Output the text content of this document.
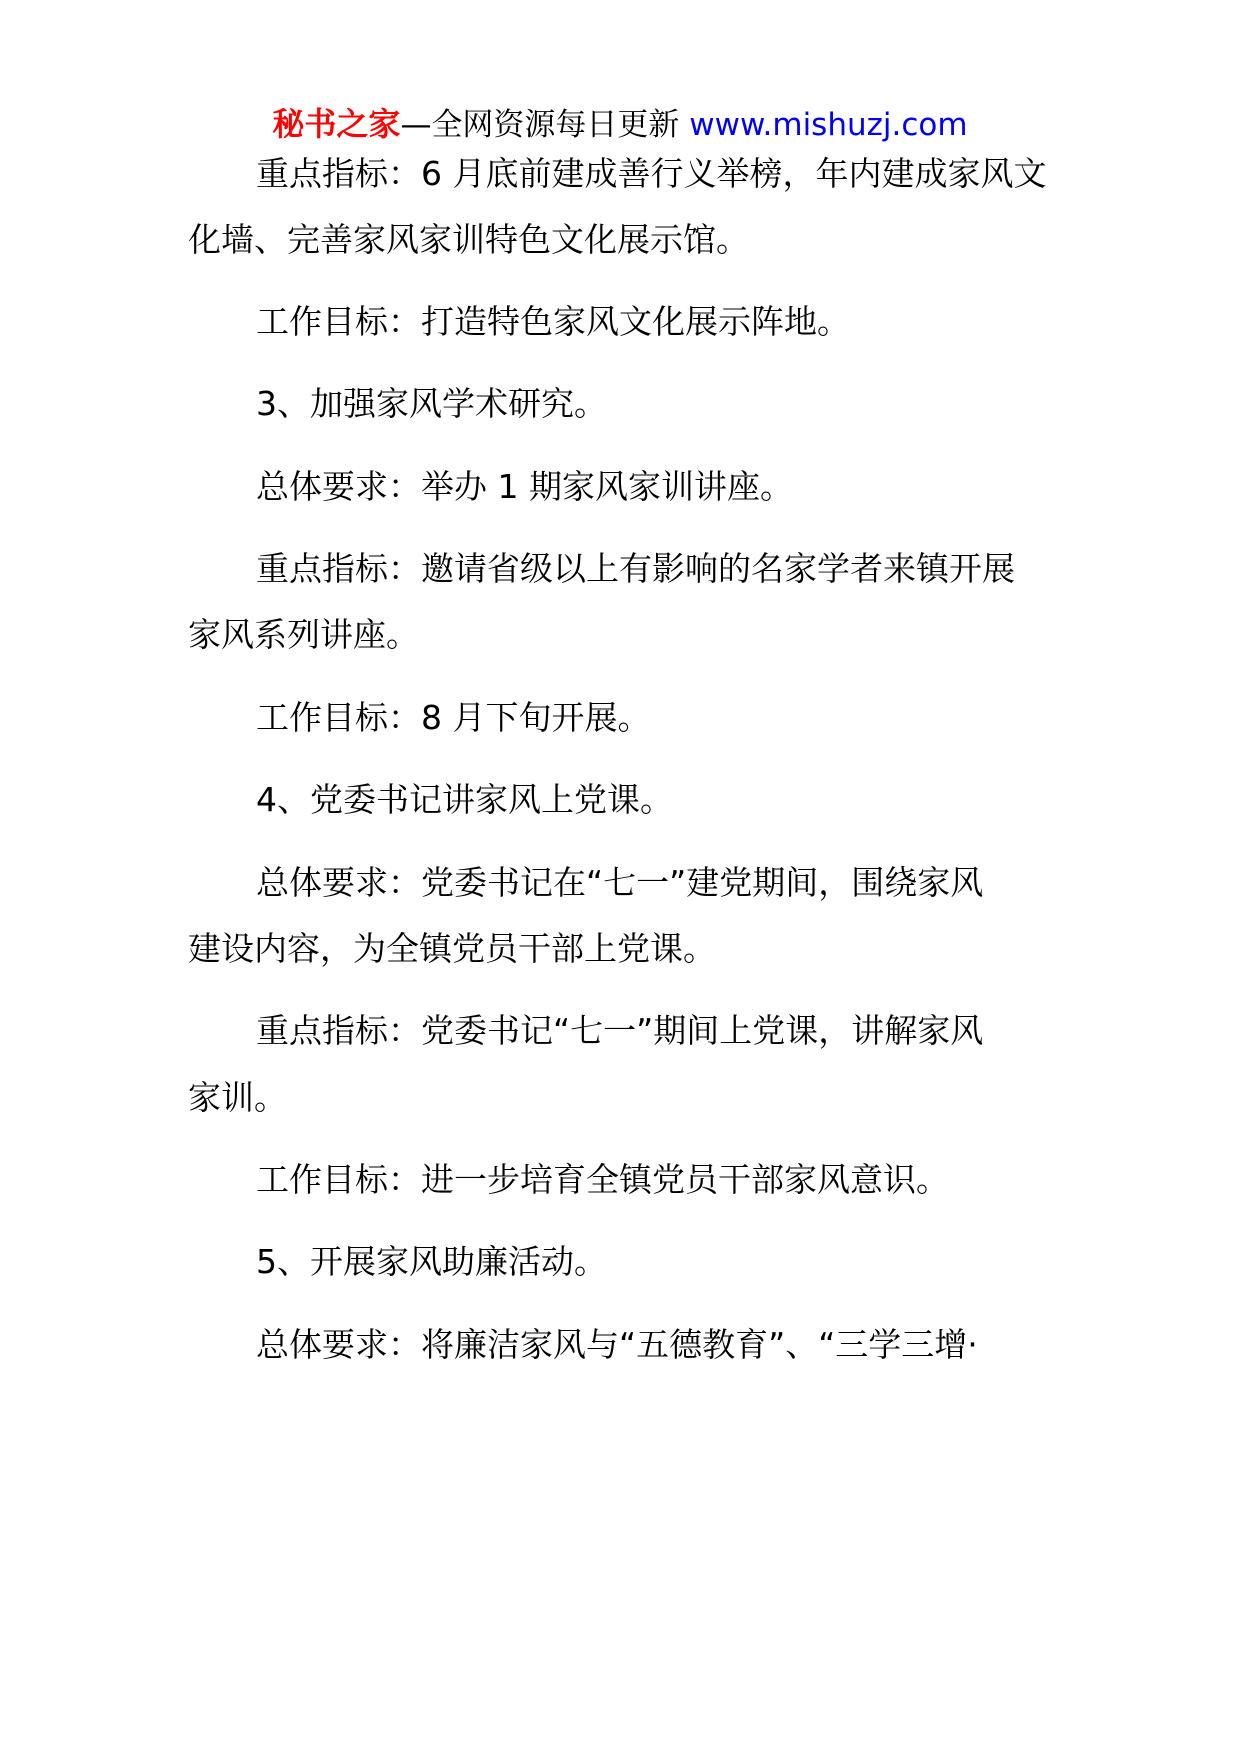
秘书之家—全网资源每日更新 www.mishuzj.com
重点指标：6 月底前建成善行义举榜，年内建成家风文
化墙、完善家风家训特色文化展示馆。
工作目标：打造特色家风文化展示阵地。
3、加强家风学术研究。
总体要求：举办 1 期家风家训讲座。
重点指标：邀请省级以上有影响的名家学者来镇开展
家风系列讲座。
工作目标：8 月下旬开展。
4、党委书记讲家风上党课。
总体要求：党委书记在“七一”建党期间，围绕家风
建设内容，为全镇党员干部上党课。
重点指标：党委书记“七一”期间上党课，讲解家风
家训。
工作目标：进一步培育全镇党员干部家风意识。
5、开展家风助廉活动。
总体要求：将廉洁家风与“五德教育”、“三学三增·
